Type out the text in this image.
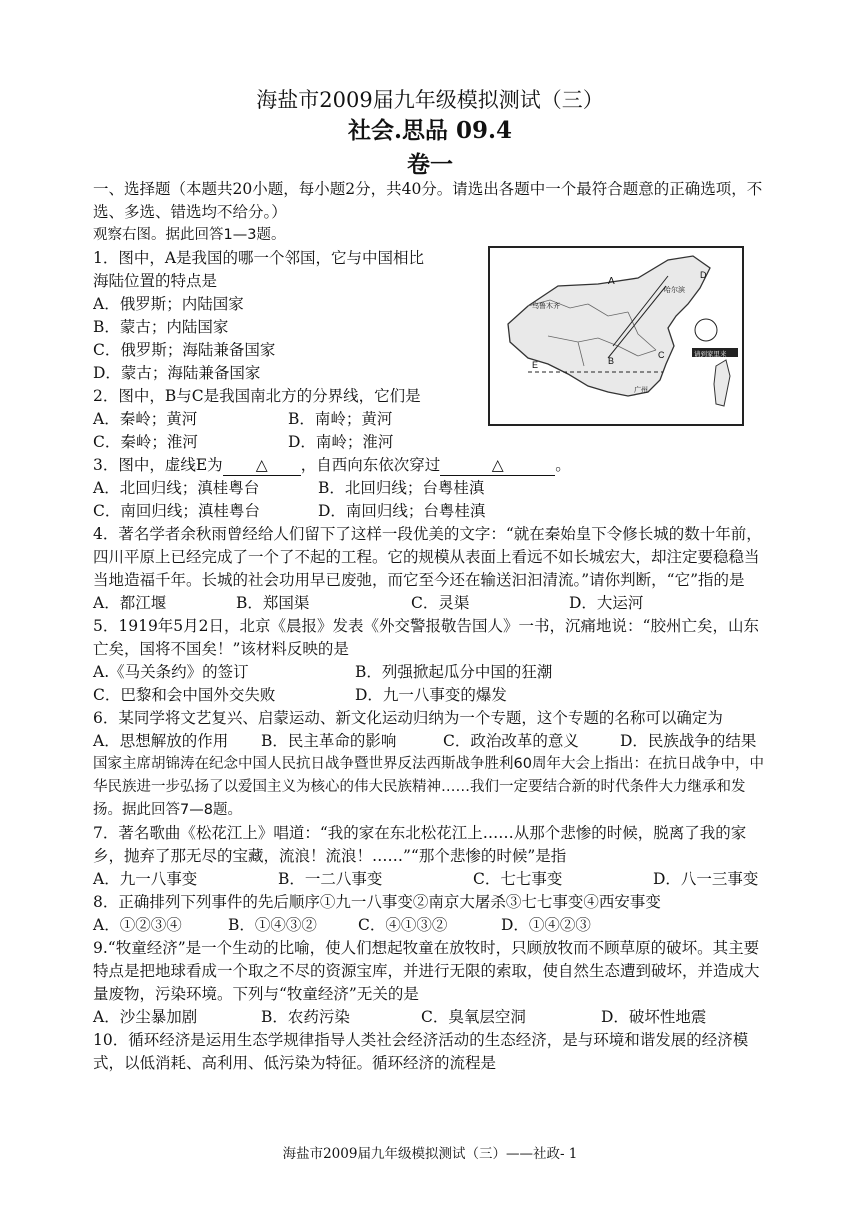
海盐市2009届九年级模拟测试（三）
社会.思品 09.4
卷一
A
B
C
D
E
乌鲁木齐
哈尔滨
广州
请到家里来
一、选择题（本题共20小题，每小题2分，共40分。请选出各题中一个最符合题意的正确选项，不选、多选、错选均不给分。）
观察右图。据此回答1—3题。
1．图中，A是我国的哪一个邻国，它与中国相比
海陆位置的特点是
A．俄罗斯；内陆国家
B．蒙古；内陆国家
C．俄罗斯；海陆兼备国家
D．蒙古；海陆兼备国家
2．图中，B与C是我国南北方的分界线，它们是
A．秦岭；黄河	B．南岭；黄河
C．秦岭；淮河	D．南岭；淮河
3．图中，虚线E为 △ ，自西向东依次穿过	△	。
A．北回归线；滇桂粤台	B．北回归线；台粤桂滇
C．南回归线；滇桂粤台	D．南回归线；台粤桂滇
4．著名学者余秋雨曾经给人们留下了这样一段优美的文字：“就在秦始皇下令修长城的数十年前，四川平原上已经完成了一个了不起的工程。它的规模从表面上看远不如长城宏大，却注定要稳稳当当地造福千年。长城的社会功用早已废弛，而它至今还在输送汩汩清流。”请你判断，“它”指的是
A．都江堰	B．郑国渠	C．灵渠	D．大运河
5．1919年5月2日，北京《晨报》发表《外交警报敬告国人》一书，沉痛地说：“胶州亡矣，山东亡矣，国将不国矣！”该材料反映的是
A.《马关条约》的签订	B．列强掀起瓜分中国的狂潮
C．巴黎和会中国外交失败	D．九一八事变的爆发
6．某同学将文艺复兴、启蒙运动、新文化运动归纳为一个专题，这个专题的名称可以确定为
A．思想解放的作用	B．民主革命的影响	C．政治改革的意义	D．民族战争的结果
国家主席胡锦涛在纪念中国人民抗日战争暨世界反法西斯战争胜利60周年大会上指出：在抗日战争中，中华民族进一步弘扬了以爱国主义为核心的伟大民族精神……我们一定要结合新的时代条件大力继承和发扬。据此回答7—8题。
7．著名歌曲《松花江上》唱道：“我的家在东北松花江上……从那个悲惨的时候，脱离了我的家乡，抛弃了那无尽的宝藏，流浪！流浪！……”“那个悲惨的时候”是指
A．九一八事变	B．一二八事变	C．七七事变	D．八一三事变
8．正确排列下列事件的先后顺序①九一八事变②南京大屠杀③七七事变④西安事变
A．①②③④	B．①④③②	C．④①③②	D．①④②③
9.“牧童经济”是一个生动的比喻，使人们想起牧童在放牧时，只顾放牧而不顾草原的破坏。其主要特点是把地球看成一个取之不尽的资源宝库，并进行无限的索取，使自然生态遭到破坏，并造成大量废物，污染环境。下列与“牧童经济”无关的是
A．沙尘暴加剧	B．农药污染	C．臭氧层空洞	D．破坏性地震
10．循环经济是运用生态学规律指导人类社会经济活动的生态经济，是与环境和谐发展的经济模式，以低消耗、高利用、低污染为特征。循环经济的流程是
海盐市2009届九年级模拟测试（三）——社政- 1
